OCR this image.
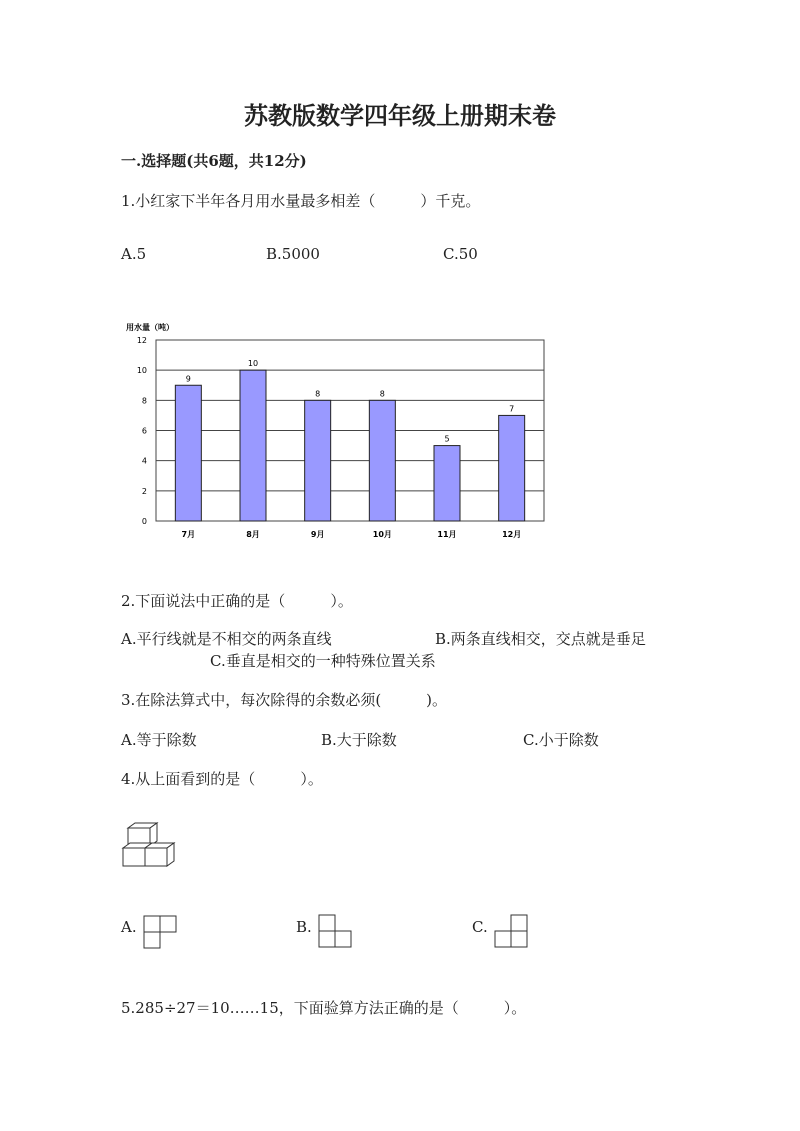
苏教版数学四年级上册期末卷
一.选择题(共6题，共12分)
1.小红家下半年各月用水量最多相差（　　　）千克。
A.5	B.5000	C.50
0
2
4
6
8
10
12
9
7月
10
8月
8
9月
8
10月
5
11月
7
12月
用水量（吨）
2.下面说法中正确的是（　　　）。
A.平行线就是不相交的两条直线	B.两条直线相交，交点就是垂足
C.垂直是相交的一种特殊位置关系
3.在除法算式中，每次除得的余数必须(　　　)。
A.等于除数	B.大于除数	C.小于除数
4.从上面看到的是（　　　）。
A.	B.	C.
5.285÷27＝10……15，下面验算方法正确的是（　　　）。
